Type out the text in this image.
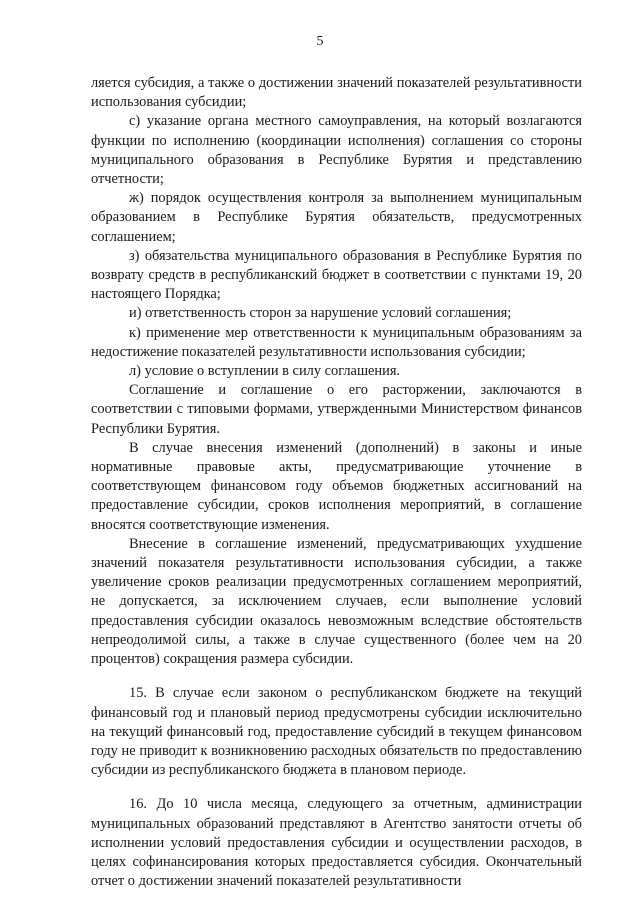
5

ляется субсидия, а также о достижении значений показателей результативности использования субсидии;

с) указание органа местного самоуправления, на который возлагаются функции по исполнению (координации исполнения) соглашения со стороны муниципального образования в Республике Бурятия и представлению отчетности;

ж) порядок осуществления контроля за выполнением муниципальным образованием в Республике Бурятия обязательств, предусмотренных соглашением;

з) обязательства муниципального образования в Республике Бурятия по возврату средств в республиканский бюджет в соответствии с пунктами 19, 20 настоящего Порядка;

и) ответственность сторон за нарушение условий соглашения;

к) применение мер ответственности к муниципальным образованиям за недостижение показателей результативности использования субсидии;

л) условие о вступлении в силу соглашения.

Соглашение и соглашение о его расторжении, заключаются в соответствии с типовыми формами, утвержденными Министерством финансов Республики Бурятия.

В случае внесения изменений (дополнений) в законы и иные нормативные правовые акты, предусматривающие уточнение в соответствующем финансовом году объемов бюджетных ассигнований на предоставление субсидии, сроков исполнения мероприятий, в соглашение вносятся соответствующие изменения.

Внесение в соглашение изменений, предусматривающих ухудшение значений показателя результативности использования субсидии, а также увеличение сроков реализации предусмотренных соглашением мероприятий, не допускается, за исключением случаев, если выполнение условий предоставления субсидии оказалось невозможным вследствие обстоятельств непреодолимой силы, а также в случае существенного (более чем на 20 процентов) сокращения размера субсидии.

15. В случае если законом о республиканском бюджете на текущий финансовый год и плановый период предусмотрены субсидии исключительно на текущий финансовый год, предоставление субсидий в текущем финансовом году не приводит к возникновению расходных обязательств по предоставлению субсидии из республиканского бюджета в плановом периоде.

16. До 10 числа месяца, следующего за отчетным, администрации муниципальных образований представляют в Агентство занятости отчеты об исполнении условий предоставления субсидии и осуществлении расходов, в целях софинансирования которых предоставляется субсидия. Окончательный отчет о достижении значений показателей результативности
